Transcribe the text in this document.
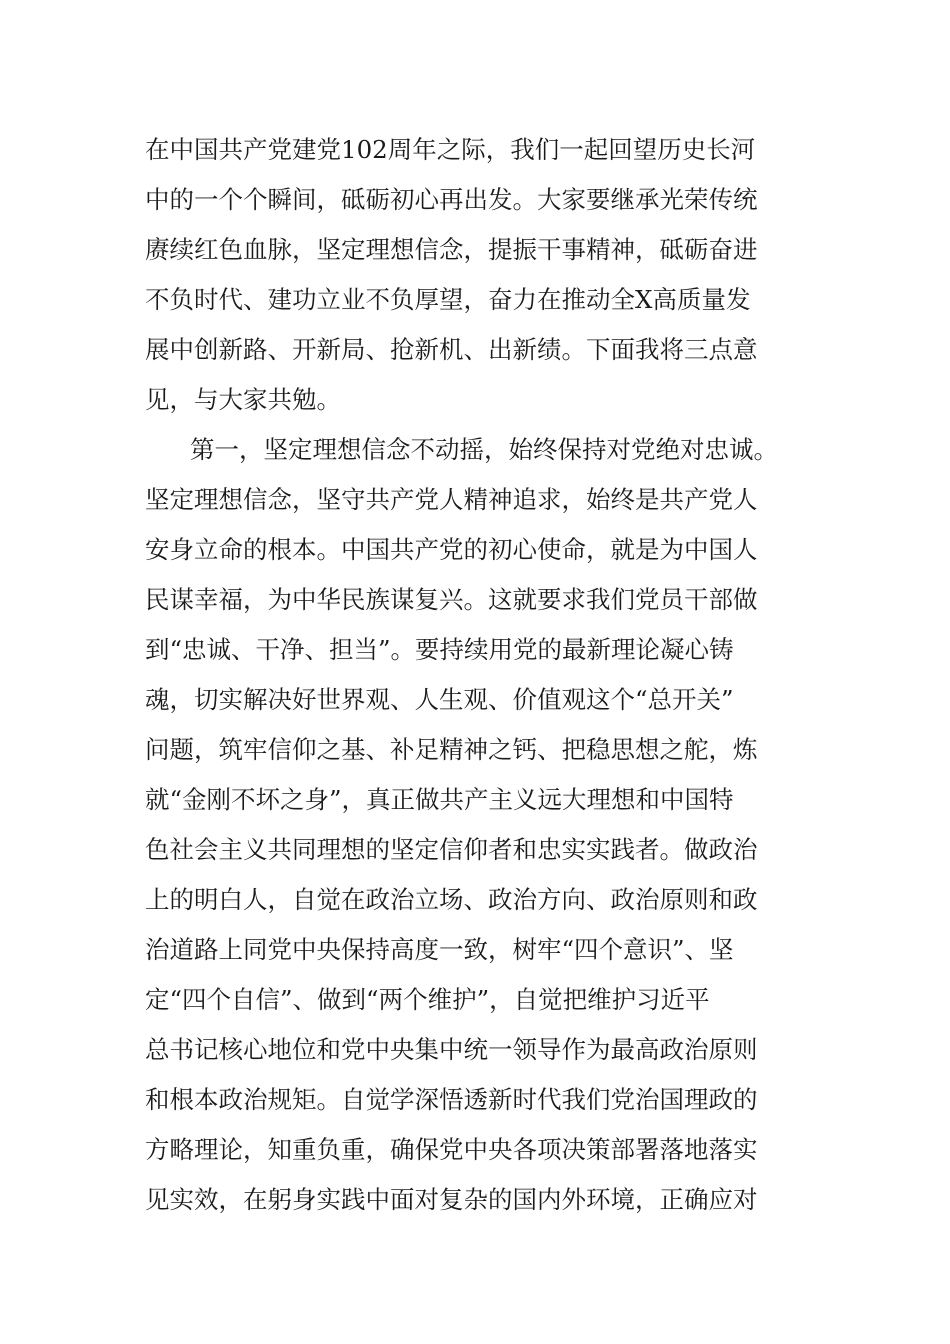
在中国共产党建党102周年之际，我们一起回望历史长河
中的一个个瞬间，砥砺初心再出发。大家要继承光荣传统
赓续红色血脉，坚定理想信念，提振干事精神，砥砺奋进
不负时代、建功立业不负厚望，奋力在推动全X高质量发
展中创新路、开新局、抢新机、出新绩。下面我将三点意
见，与大家共勉。
第一，坚定理想信念不动摇，始终保持对党绝对忠诚。
坚定理想信念，坚守共产党人精神追求，始终是共产党人
安身立命的根本。中国共产党的初心使命，就是为中国人
民谋幸福，为中华民族谋复兴。这就要求我们党员干部做
到“忠诚、干净、担当”。要持续用党的最新理论凝心铸
魂，切实解决好世界观、人生观、价值观这个“总开关”
问题，筑牢信仰之基、补足精神之钙、把稳思想之舵，炼
就“金刚不坏之身”，真正做共产主义远大理想和中国特
色社会主义共同理想的坚定信仰者和忠实实践者。做政治
上的明白人，自觉在政治立场、政治方向、政治原则和政
治道路上同党中央保持高度一致，树牢“四个意识”、坚
定“四个自信”、做到“两个维护”，自觉把维护习近平
总书记核心地位和党中央集中统一领导作为最高政治原则
和根本政治规矩。自觉学深悟透新时代我们党治国理政的
方略理论，知重负重，确保党中央各项决策部署落地落实
见实效，在躬身实践中面对复杂的国内外环境，正确应对
